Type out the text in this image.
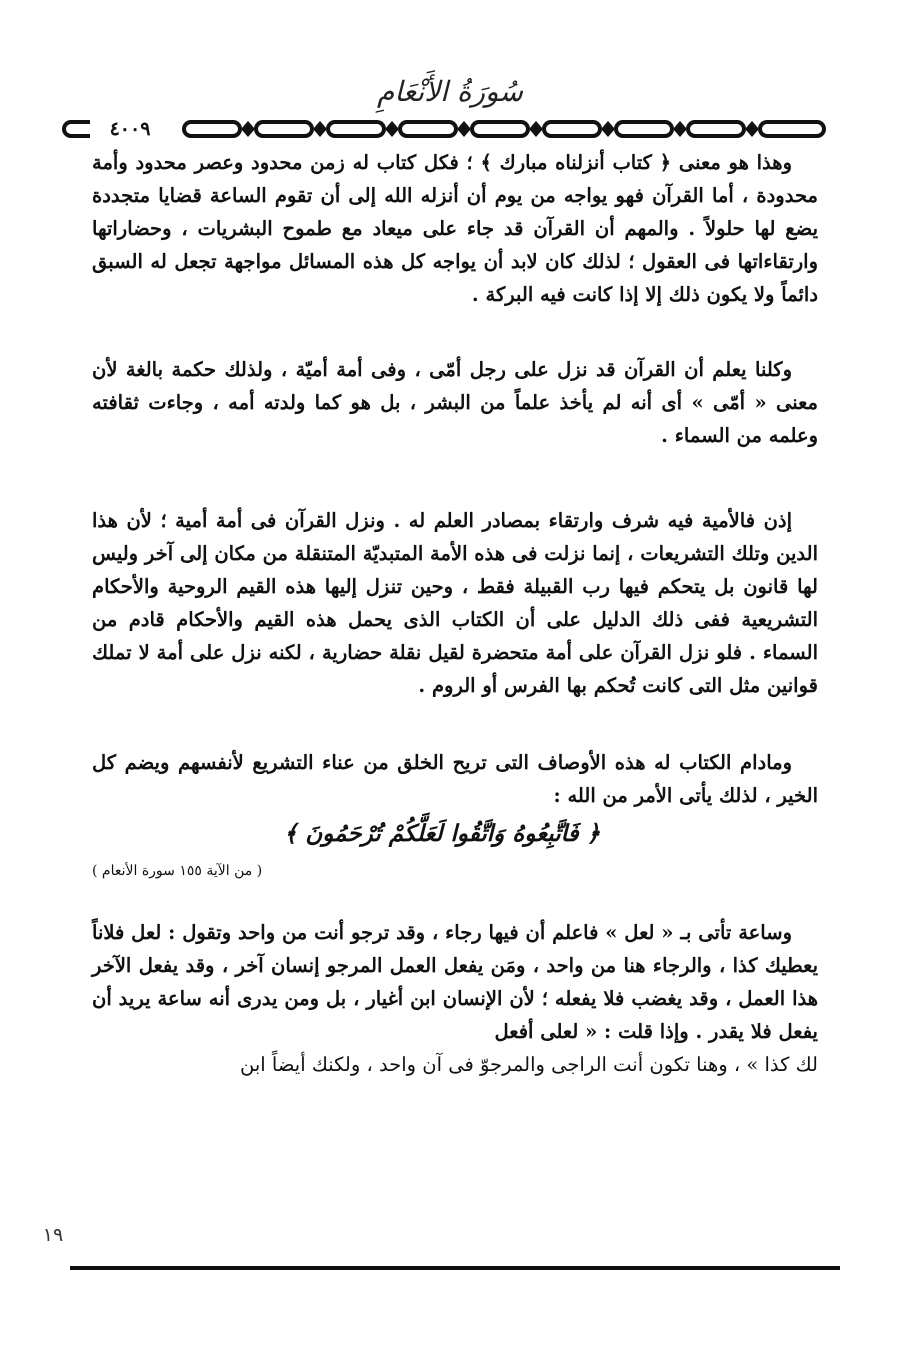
سُورَةُ الأَنْعَامِ
٤٠٠٩

وهذا هو معنى ﴿ كتاب أنزلناه مبارك ﴾ ؛ فكل كتاب له زمن محدود وعصر محدود وأمة محدودة ، أما القرآن فهو يواجه من يوم أن أنزله الله إلى أن تقوم الساعة قضايا متجددة يضع لها حلولاً . والمهم أن القرآن قد جاء على ميعاد مع طموح البشريات ، وحضاراتها وارتقاءاتها فى العقول ؛ لذلك كان لابد أن يواجه كل هذه المسائل مواجهة تجعل له السبق دائماً ولا يكون ذلك إلا إذا كانت فيه البركة .

وكلنا يعلم أن القرآن قد نزل على رجل أمّى ، وفى أمة أميّة ، ولذلك حكمة بالغة لأن معنى « أمّى » أى أنه لم يأخذ علماً من البشر ، بل هو كما ولدته أمه ، وجاءت ثقافته وعلمه من السماء .

إذن فالأمية فيه شرف وارتقاء بمصادر العلم له . ونزل القرآن فى أمة أمية ؛ لأن هذا الدين وتلك التشريعات ، إنما نزلت فى هذه الأمة المتبديّة المتنقلة من مكان إلى آخر وليس لها قانون بل يتحكم فيها رب القبيلة فقط ، وحين تنزل إليها هذه القيم الروحية والأحكام التشريعية ففى ذلك الدليل على أن الكتاب الذى يحمل هذه القيم والأحكام قادم من السماء . فلو نزل القرآن على أمة متحضرة لقيل نقلة حضارية ، لكنه نزل على أمة لا تملك قوانين مثل التى كانت تُحكم بها الفرس أو الروم .

ومادام الكتاب له هذه الأوصاف التى تريح الخلق من عناء التشريع لأنفسهم ويضم كل الخير ، لذلك يأتى الأمر من الله :

﴿ فَاتَّبِعُوهُ وَاتَّقُوا لَعَلَّكُمْ تُرْحَمُونَ ﴾

( من الآية ١٥٥ سورة الأنعام )

وساعة تأتى بـ « لعل » فاعلم أن فيها رجاء ، وقد ترجو أنت من واحد وتقول : لعل فلاناً يعطيك كذا ، والرجاء هنا من واحد ، ومَن يفعل العمل المرجو إنسان آخر ، وقد يفعل الآخر هذا العمل ، وقد يغضب فلا يفعله ؛ لأن الإنسان ابن أغيار ، بل ومن يدرى أنه ساعة يريد أن يفعل فلا يقدر . وإذا قلت : « لعلى أفعل

لك كذا » ، وهنا تكون أنت الراجى والمرجوّ فى آن واحد ، ولكنك أيضاً ابن

١٩
